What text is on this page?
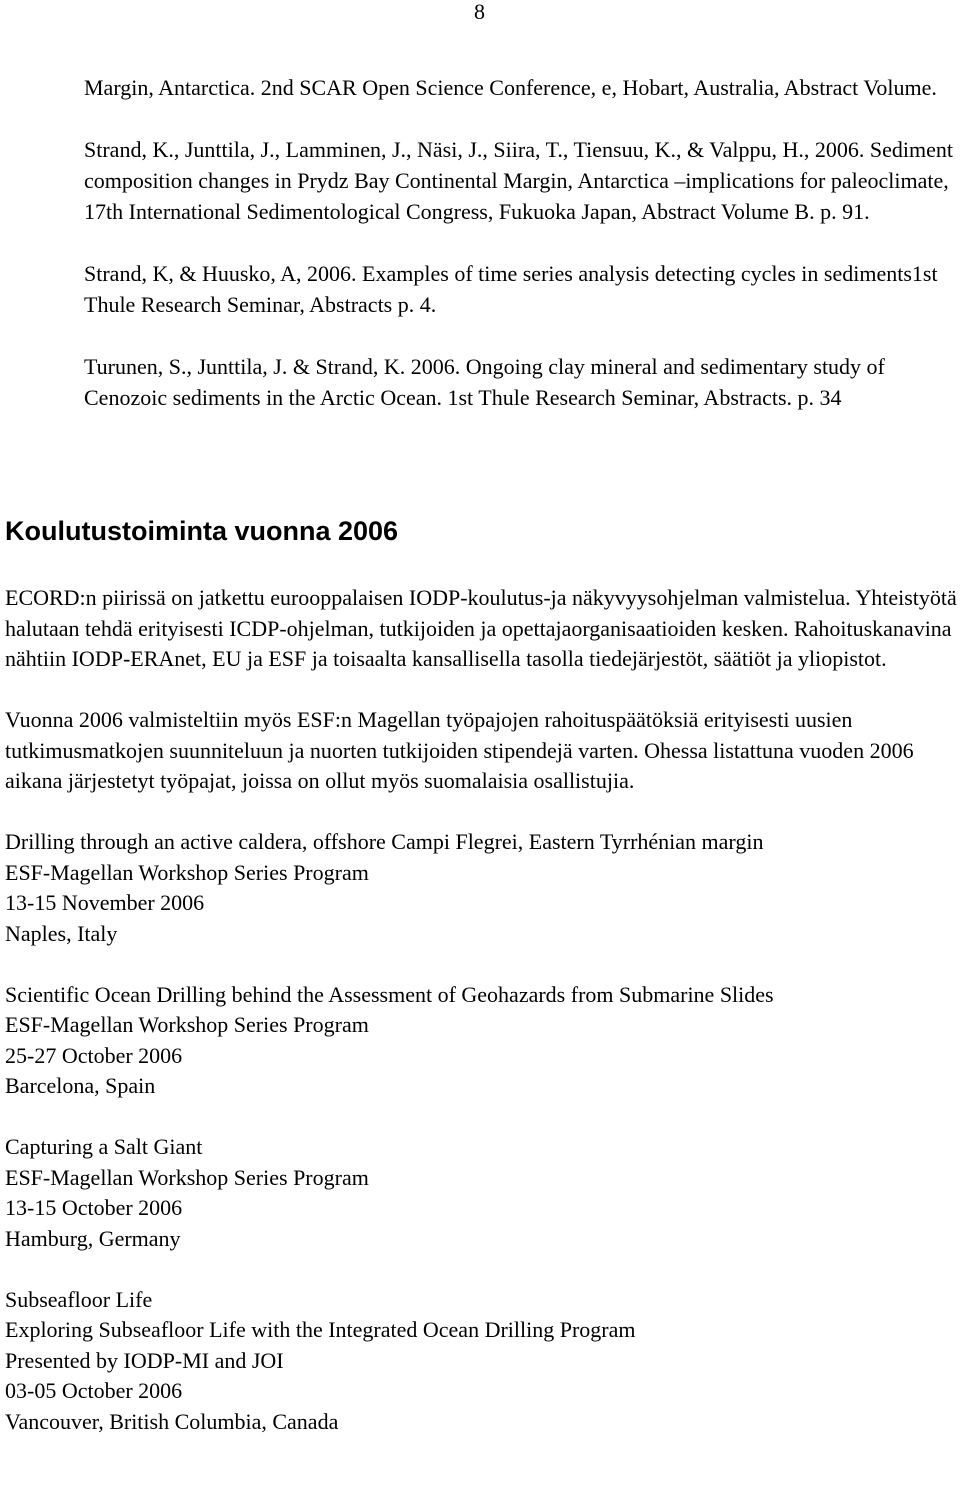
8

Margin, Antarctica. 2nd SCAR Open Science Conference, e, Hobart, Australia, Abstract Volume.

Strand, K., Junttila, J., Lamminen, J., Näsi, J., Siira, T., Tiensuu, K., & Valppu, H., 2006. Sediment composition changes in Prydz Bay Continental Margin, Antarctica –implications for paleoclimate, 17th International Sedimentological Congress, Fukuoka Japan, Abstract Volume B. p. 91.

Strand, K, & Huusko, A, 2006. Examples of time series analysis detecting cycles in sediments1st Thule Research Seminar, Abstracts p. 4.

Turunen, S., Junttila, J. & Strand, K. 2006. Ongoing clay mineral and sedimentary study of Cenozoic sediments in the Arctic Ocean. 1st Thule Research Seminar, Abstracts. p. 34

Koulutustoiminta vuonna 2006

ECORD:n piirissä on jatkettu eurooppalaisen IODP-koulutus-ja näkyvyysohjelman valmistelua. Yhteistyötä halutaan tehdä erityisesti ICDP-ohjelman, tutkijoiden ja opettajaorganisaatioiden kesken. Rahoituskanavina nähtiin IODP-ERAnet, EU ja ESF ja toisaalta kansallisella tasolla tiedejärjestöt, säätiöt ja yliopistot.

Vuonna 2006 valmisteltiin myös ESF:n Magellan työpajojen rahoituspäätöksiä erityisesti uusien tutkimusmatkojen suunniteluun ja nuorten tutkijoiden stipendejä varten. Ohessa listattuna vuoden 2006 aikana järjestetyt työpajat, joissa on ollut myös suomalaisia osallistujia.

Drilling through an active caldera, offshore Campi Flegrei, Eastern Tyrrhénian margin
ESF-Magellan Workshop Series Program
13-15 November 2006
Naples, Italy
Scientific Ocean Drilling behind the Assessment of Geohazards from Submarine Slides
ESF-Magellan Workshop Series Program
25-27 October 2006
Barcelona, Spain
Capturing a Salt Giant
ESF-Magellan Workshop Series Program
13-15 October 2006
Hamburg, Germany
Subseafloor Life
Exploring Subseafloor Life with the Integrated Ocean Drilling Program
Presented by IODP-MI and JOI
03-05 October 2006
Vancouver, British Columbia, Canada
